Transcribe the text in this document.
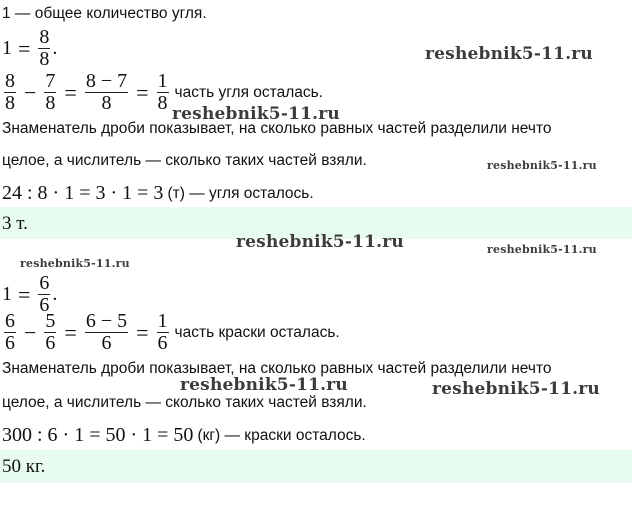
1 — общее количество угля.
$1 = \frac{8}{8}$ .
$\frac{8}{8} - \frac{7}{8} = \frac{8 - 7}{8} = \frac{1}{8}$ часть угля осталась.
Знаменатель дроби показывает, на сколько равных частей разделили нечто
целое, а числитель — сколько таких частей взяли.
24 : 8 · 1 = 3 · 1 = 3 (т) — угля осталось.
3 т.
$1 = \frac{6}{6}$ .
$\frac{6}{6} - \frac{5}{6} = \frac{6 - 5}{6} = \frac{1}{6}$ часть краски осталась.
Знаменатель дроби показывает, на сколько равных частей разделили нечто
целое, а числитель — сколько таких частей взяли.
300 : 6 · 1 = 50 · 1 = 50 (кг) — краски осталось.
50 кг.
reshebnik5-11.ru
reshebnik5-11.ru
reshebnik5-11.ru
reshebnik5-11.ru	reshebnik5-11.ru
reshebnik5-11.ru
reshebnik5-11.ru	reshebnik5-11.ru
